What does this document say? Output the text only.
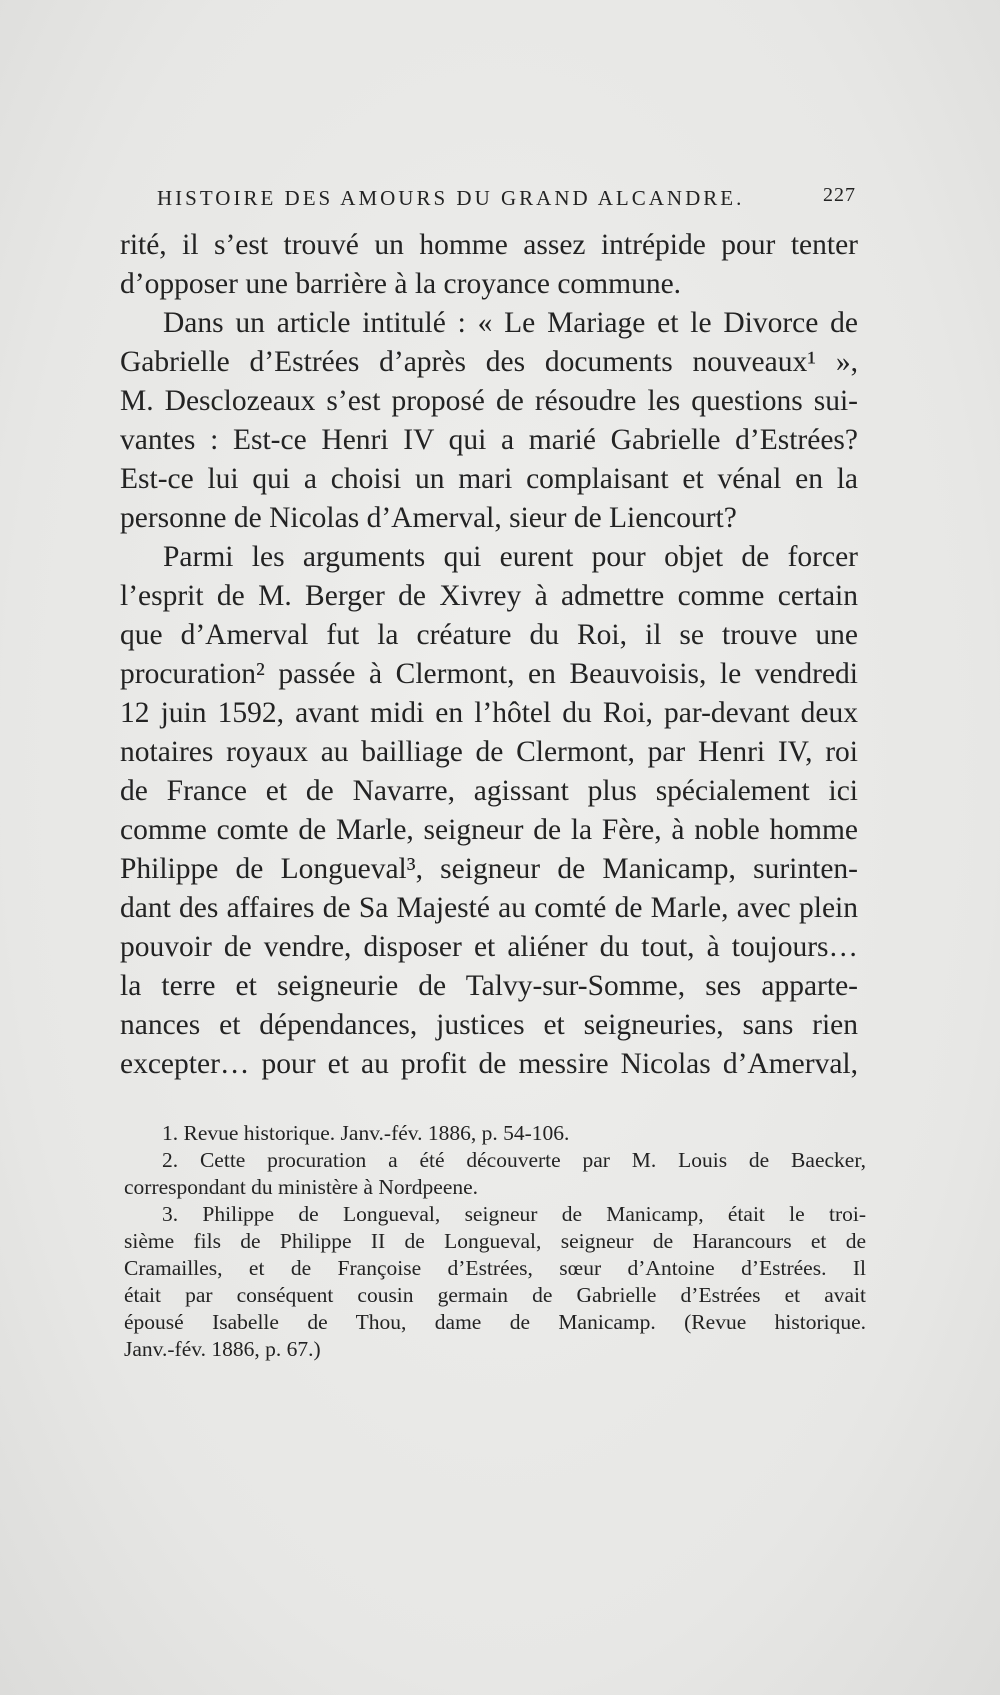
HISTOIRE DES AMOURS DU GRAND ALCANDRE.	227
rité, il s’est trouvé un homme assez intrépide pour tenter
d’opposer une barrière à la croyance commune.
Dans un article intitulé : « Le Mariage et le Divorce de
Gabrielle d’Estrées d’après des documents nouveaux¹ »,
M. Desclozeaux s’est proposé de résoudre les questions sui-
vantes : Est-ce Henri IV qui a marié Gabrielle d’Estrées?
Est-ce lui qui a choisi un mari complaisant et vénal en la
personne de Nicolas d’Amerval, sieur de Liencourt?
Parmi les arguments qui eurent pour objet de forcer
l’esprit de M. Berger de Xivrey à admettre comme certain
que d’Amerval fut la créature du Roi, il se trouve une
procuration² passée à Clermont, en Beauvoisis, le vendredi
12 juin 1592, avant midi en l’hôtel du Roi, par-devant deux
notaires royaux au bailliage de Clermont, par Henri IV, roi
de France et de Navarre, agissant plus spécialement ici
comme comte de Marle, seigneur de la Fère, à noble homme
Philippe de Longueval³, seigneur de Manicamp, surinten-
dant des affaires de Sa Majesté au comté de Marle, avec plein
pouvoir de vendre, disposer et aliéner du tout, à toujours…
la terre et seigneurie de Talvy-sur-Somme, ses apparte-
nances et dépendances, justices et seigneuries, sans rien
excepter… pour et au profit de messire Nicolas d’Amerval,
1. Revue historique. Janv.-fév. 1886, p. 54-106.
2. Cette procuration a été découverte par M. Louis de Baecker,
correspondant du ministère à Nordpeene.
3. Philippe de Longueval, seigneur de Manicamp, était le troi-
sième fils de Philippe II de Longueval, seigneur de Harancours et de
Cramailles, et de Françoise d’Estrées, sœur d’Antoine d’Estrées. Il
était par conséquent cousin germain de Gabrielle d’Estrées et avait
épousé Isabelle de Thou, dame de Manicamp. (Revue historique.
Janv.-fév. 1886, p. 67.)
